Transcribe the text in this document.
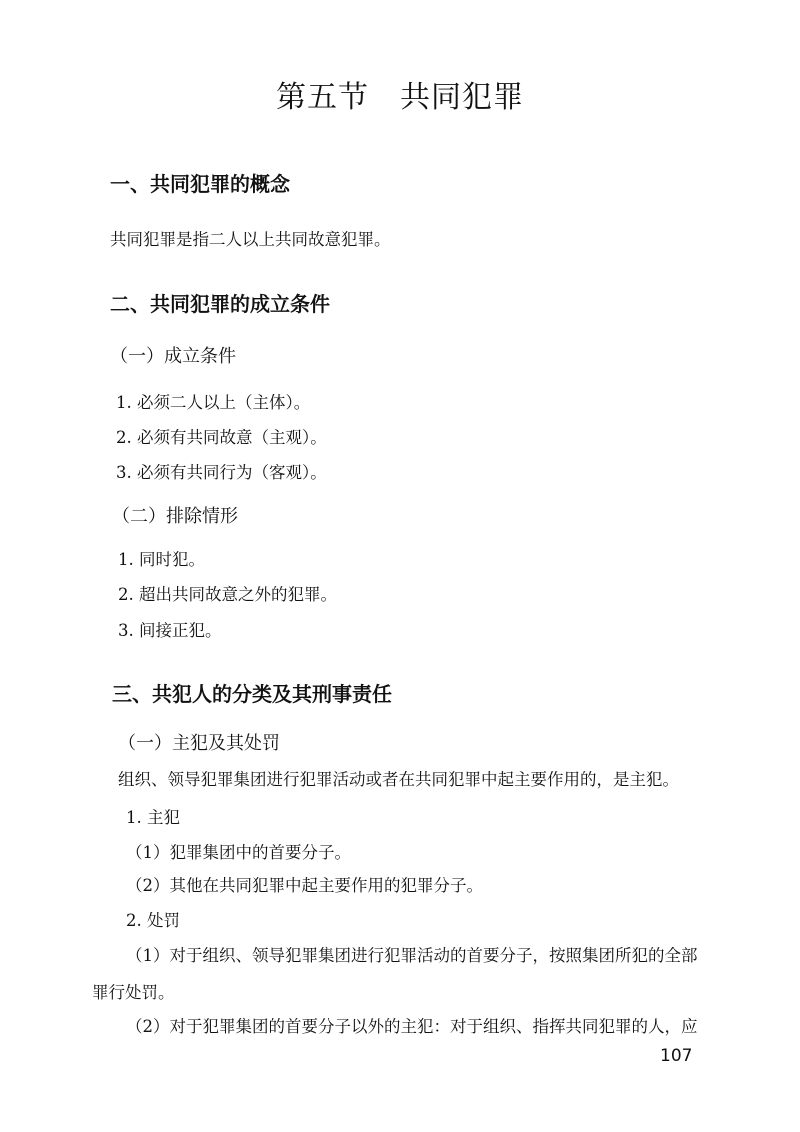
第五节　共同犯罪
一、共同犯罪的概念
共同犯罪是指二人以上共同故意犯罪。
二、共同犯罪的成立条件
（一）成立条件
1. 必须二人以上（主体）。
2. 必须有共同故意（主观）。
3. 必须有共同行为（客观）。
（二）排除情形
1. 同时犯。
2. 超出共同故意之外的犯罪。
3. 间接正犯。
三、共犯人的分类及其刑事责任
（一）主犯及其处罚
组织、领导犯罪集团进行犯罪活动或者在共同犯罪中起主要作用的，是主犯。
1. 主犯
（1）犯罪集团中的首要分子。
（2）其他在共同犯罪中起主要作用的犯罪分子。
2. 处罚
（1）对于组织、领导犯罪集团进行犯罪活动的首要分子，按照集团所犯的全部
罪行处罚。
（2）对于犯罪集团的首要分子以外的主犯：对于组织、指挥共同犯罪的人，应
107
